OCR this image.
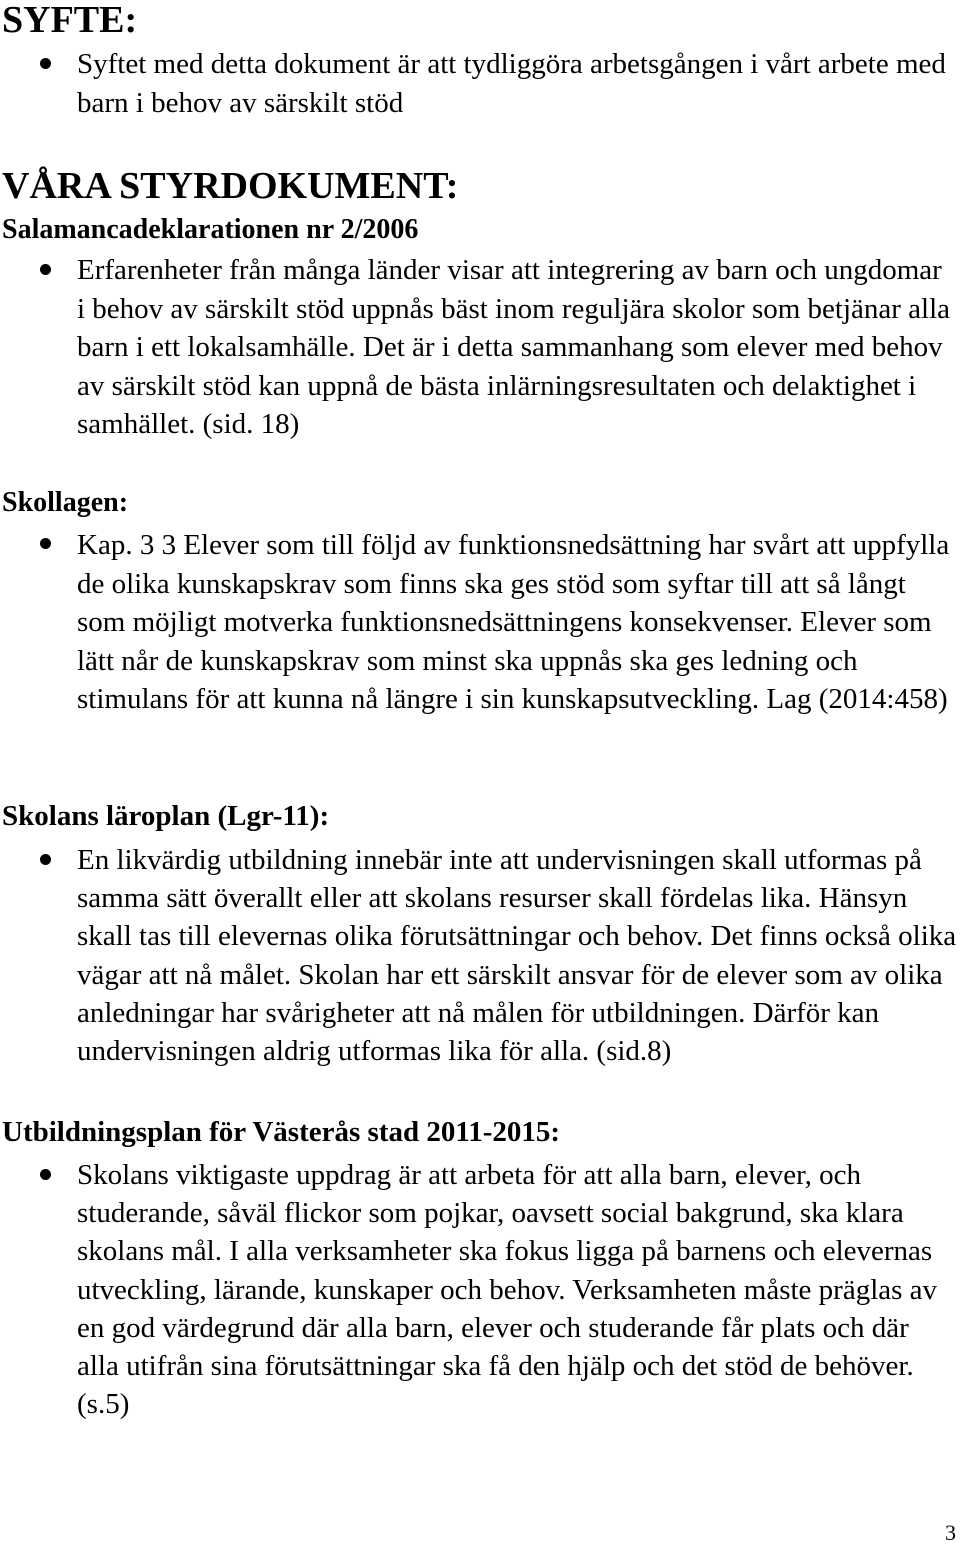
SYFTE:

Syftet med detta dokument är att tydliggöra arbetsgången i vårt arbete med barn i behov av särskilt stöd

VÅRA STYRDOKUMENT:
Salamancadeklarationen nr 2/2006

Erfarenheter från många länder visar att integrering av barn och ungdomar i behov av särskilt stöd uppnås bäst inom reguljära skolor som betjänar alla barn i ett lokalsamhälle. Det är i detta sammanhang som elever med behov av särskilt stöd kan uppnå de bästa inlärningsresultaten och delaktighet i samhället. (sid. 18)

Skollagen:

Kap. 3 3 Elever som till följd av funktionsnedsättning har svårt att uppfylla de olika kunskapskrav som finns ska ges stöd som syftar till att så långt som möjligt motverka funktionsnedsättningens konsekvenser. Elever som lätt når de kunskapskrav som minst ska uppnås ska ges ledning och stimulans för att kunna nå längre i sin kunskapsutveckling. Lag (2014:458)

Skolans läroplan (Lgr-11):

En likvärdig utbildning innebär inte att undervisningen skall utformas på samma sätt överallt eller att skolans resurser skall fördelas lika. Hänsyn skall tas till elevernas olika förutsättningar och behov. Det finns också olika vägar att nå målet. Skolan har ett särskilt ansvar för de elever som av olika anledningar har svårigheter att nå målen för utbildningen. Därför kan undervisningen aldrig utformas lika för alla. (sid.8)

Utbildningsplan för Västerås stad 2011-2015:

Skolans viktigaste uppdrag är att arbeta för att alla barn, elever, och studerande, såväl flickor som pojkar, oavsett social bakgrund, ska klara skolans mål. I alla verksamheter ska fokus ligga på barnens och elevernas utveckling, lärande, kunskaper och behov. Verksamheten måste präglas av en god värdegrund där alla barn, elever och studerande får plats och där alla utifrån sina förutsättningar ska få den hjälp och det stöd de behöver. (s.5)

3
